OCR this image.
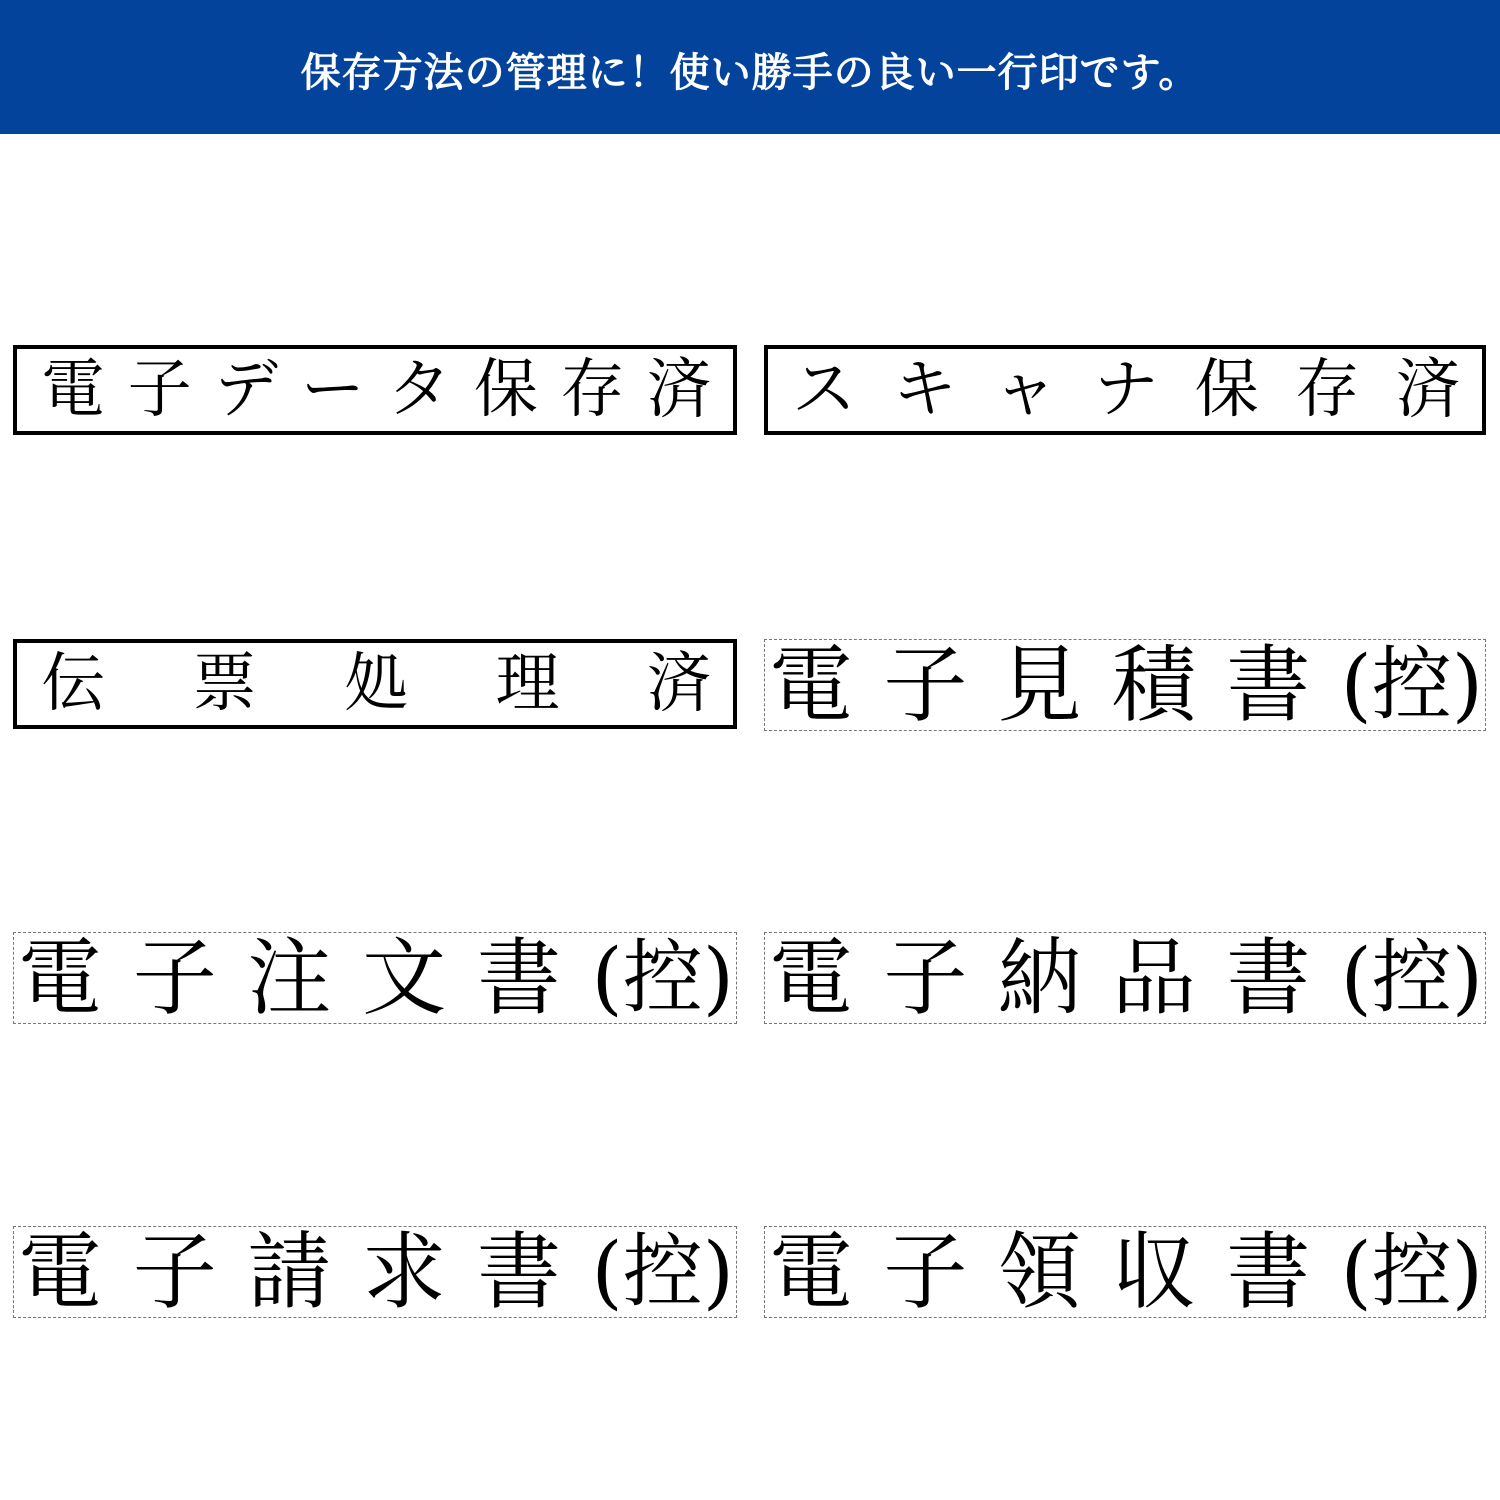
保存方法の管理に！使い勝手の良い一行印です。
電 子 デ ー タ 保 存 済 ス キ ャ ナ 保 存 済
伝 票 処 理 済 電 子 見 積 書 (控)
電 子 注 文 書 (控) 電 子 納 品 書 (控)
電 子 請 求 書 (控) 電 子 領 収 書 (控)
